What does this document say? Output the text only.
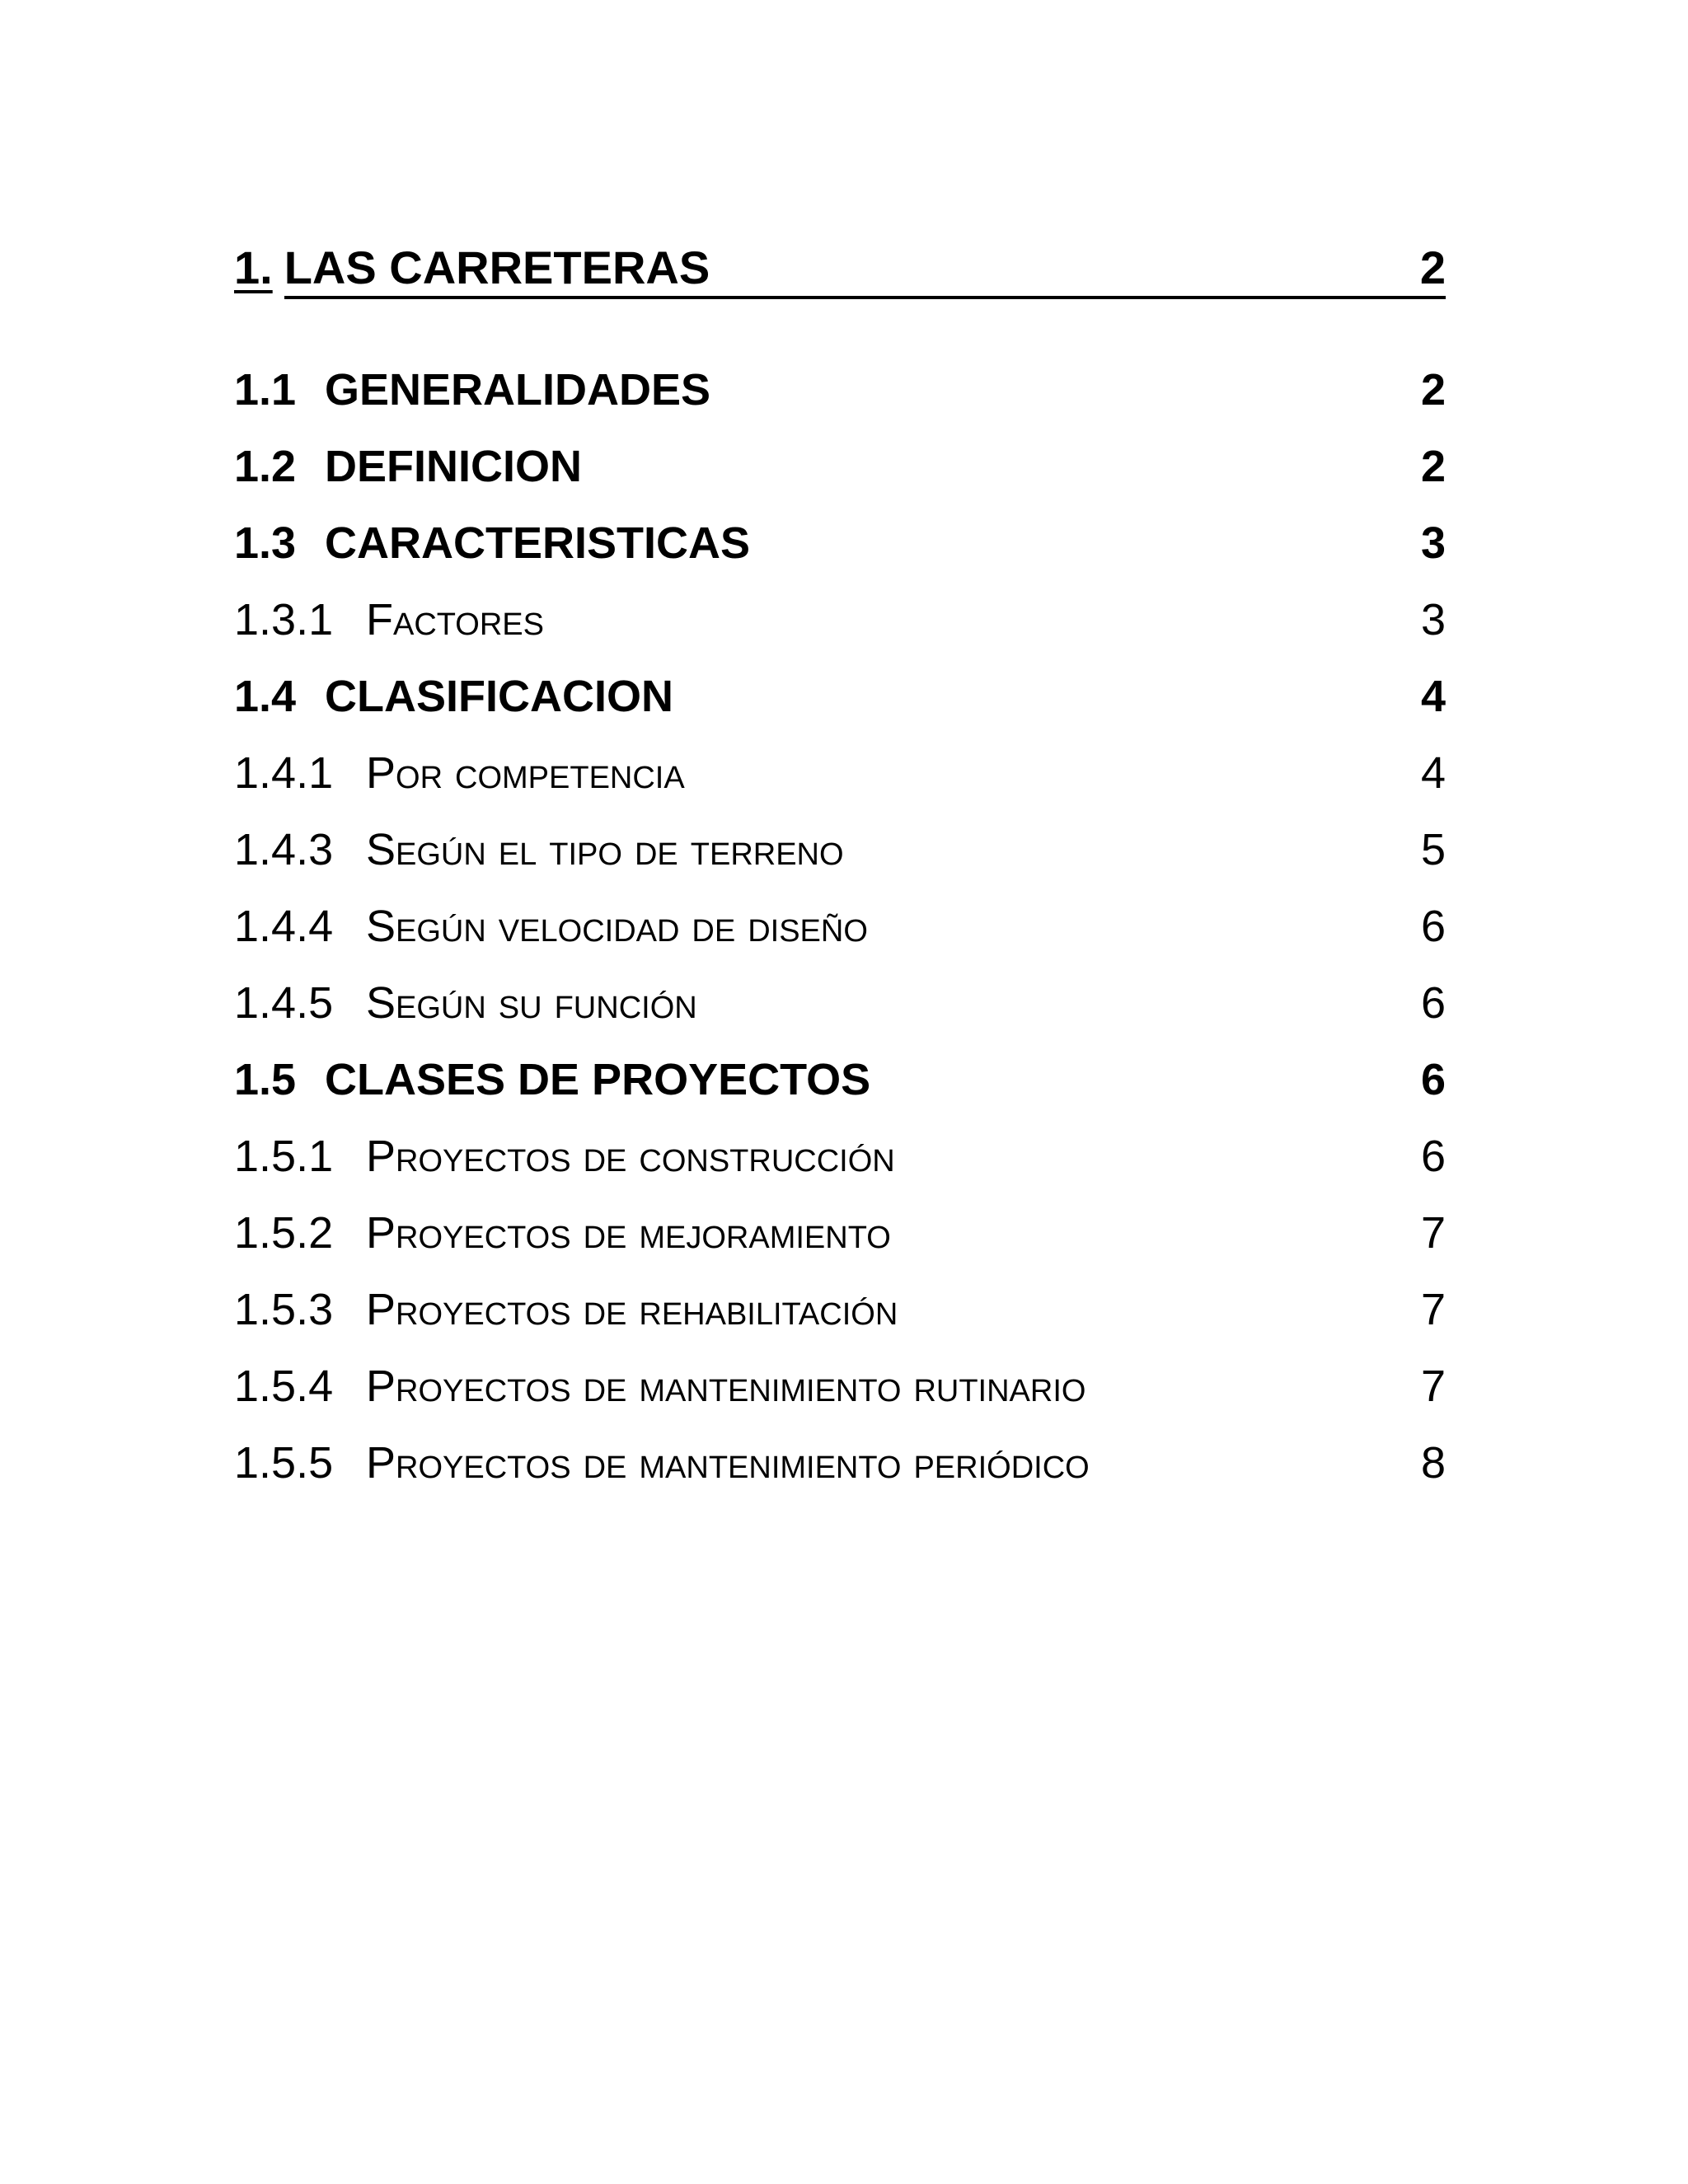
1. LAS CARRETERAS	2
1.1 GENERALIDADES	2
1.2 DEFINICION	2
1.3 CARACTERISTICAS	3
1.3.1 Factores	3
1.4 CLASIFICACION	4
1.4.1 Por competencia	4
1.4.3 Según el tipo de terreno	5
1.4.4 Según velocidad de diseño	6
1.4.5 Según su función	6
1.5 CLASES DE PROYECTOS	6
1.5.1 Proyectos de construcción	6
1.5.2 Proyectos de mejoramiento	7
1.5.3 Proyectos de rehabilitación	7
1.5.4 Proyectos de mantenimiento rutinario	7
1.5.5 Proyectos de mantenimiento periódico	8
